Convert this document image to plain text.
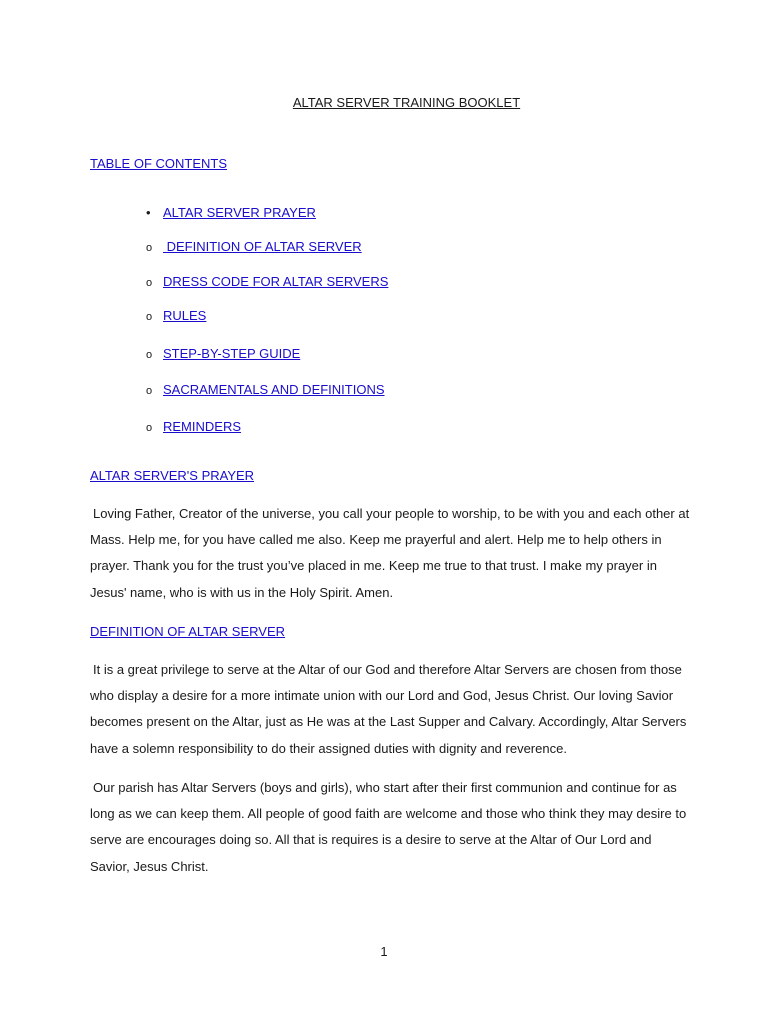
ALTAR SERVER TRAINING BOOKLET
TABLE OF CONTENTS
• ALTAR SERVER PRAYER
o DEFINITION OF ALTAR SERVER
o DRESS CODE FOR ALTAR SERVERS
o RULES
o STEP-BY-STEP GUIDE
o SACRAMENTALS AND DEFINITIONS
o REMINDERS
ALTAR SERVER'S PRAYER

Loving Father, Creator of the universe, you call your people to worship, to be with you and each other at Mass. Help me, for you have called me also. Keep me prayerful and alert. Help me to help others in prayer. Thank you for the trust you’ve placed in me. Keep me true to that trust. I make my prayer in Jesus' name, who is with us in the Holy Spirit. Amen.

DEFINITION OF ALTAR SERVER

It is a great privilege to serve at the Altar of our God and therefore Altar Servers are chosen from those who display a desire for a more intimate union with our Lord and God, Jesus Christ. Our loving Savior becomes present on the Altar, just as He was at the Last Supper and Calvary. Accordingly, Altar Servers have a solemn responsibility to do their assigned duties with dignity and reverence.

Our parish has Altar Servers (boys and girls), who start after their first communion and continue for as long as we can keep them. All people of good faith are welcome and those who think they may desire to serve are encourages doing so. All that is requires is a desire to serve at the Altar of Our Lord and Savior, Jesus Christ.

1
